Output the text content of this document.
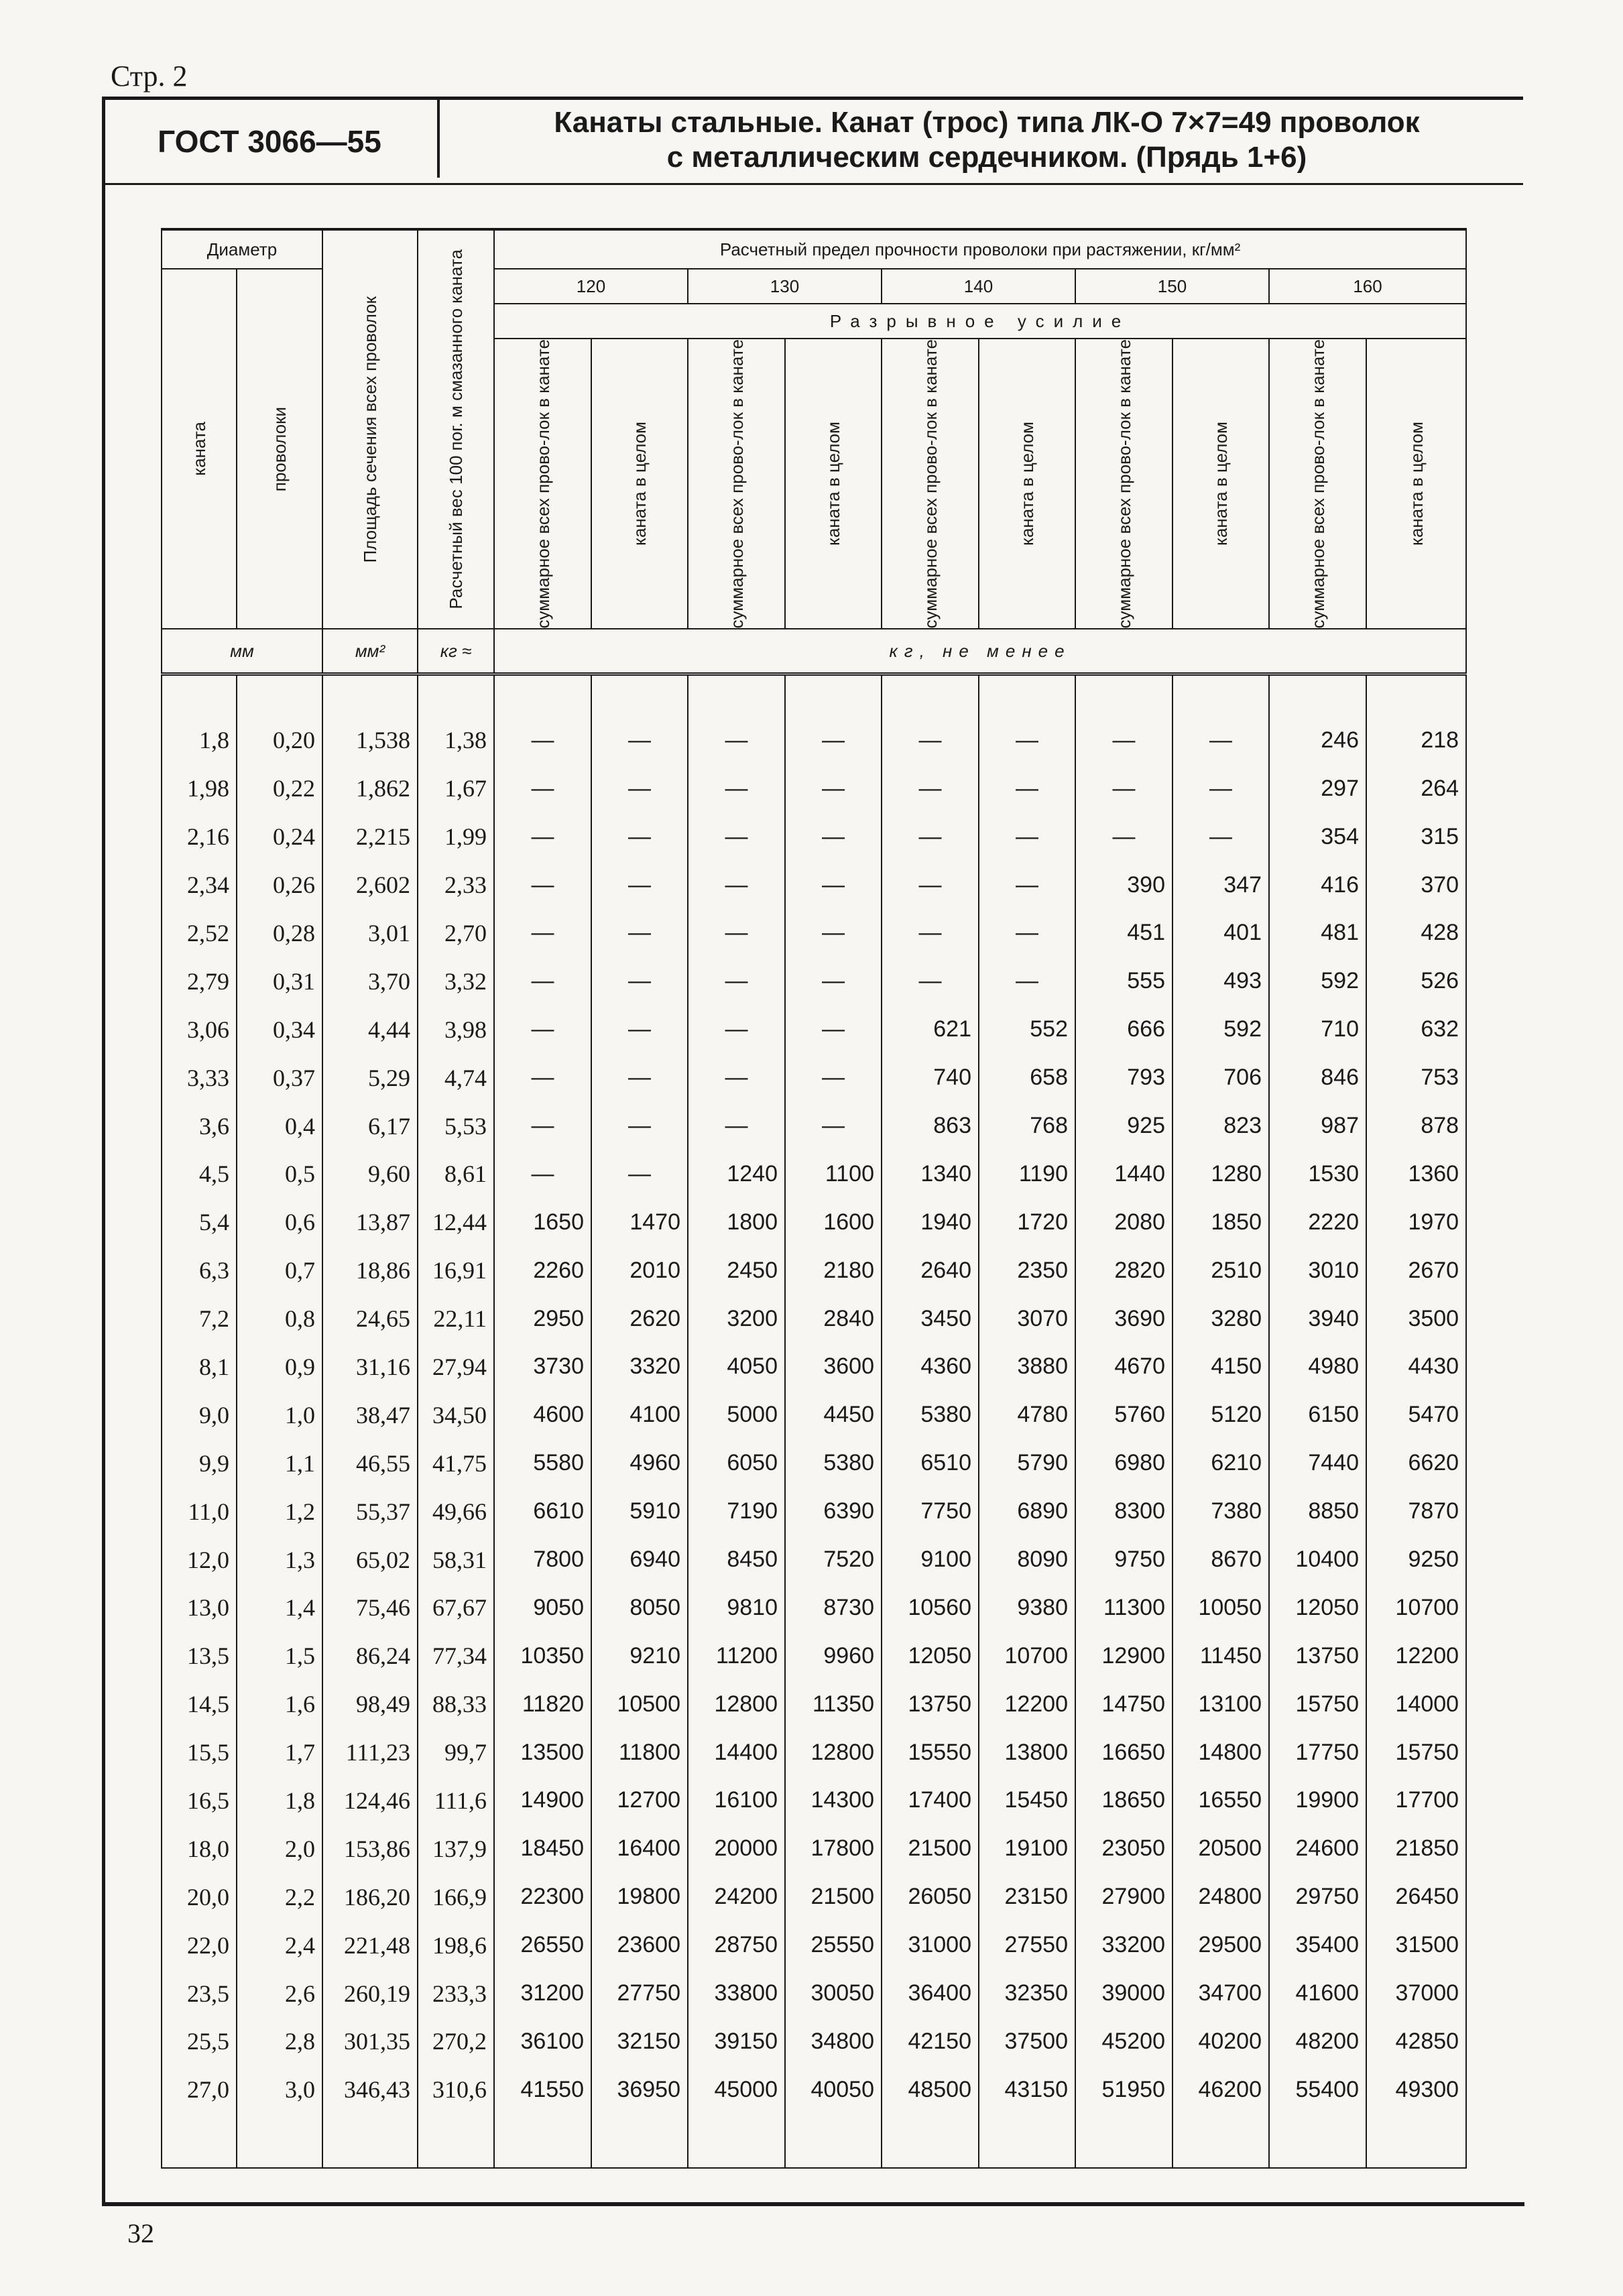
Стр. 2
ГОСТ 3066—55
Канаты стальные. Канат (трос) типа ЛК-О 7×7=49 проволок
с металлическим сердечником. (Прядь 1+6)
Диаметр		Площадь сечения всех проволок	Расчетный вес 100 пог. м смазанного каната	Расчетный предел прочности проволоки при растяжении, кг/мм²									

каната	проволоки			120		130		140		150		160	
				Разрывное усилие									

				суммарное всех прово-лок в канате	каната в целом	суммарное всех прово-лок в канате	каната в целом	суммарное всех прово-лок в канате	каната в целом	суммарное всех прово-лок в канате	каната в целом	суммарное всех прово-лок в канате	каната в целом

мм		мм²	кг ≈	кг, не менее									

1,8	0,20	1,538	1,38	—	—	—	—	—	—	—	—	246	218
1,98	0,22	1,862	1,67	—	—	—	—	—	—	—	—	297	264
2,16	0,24	2,215	1,99	—	—	—	—	—	—	—	—	354	315
2,34	0,26	2,602	2,33	—	—	—	—	—	—	390	347	416	370
2,52	0,28	3,01	2,70	—	—	—	—	—	—	451	401	481	428
2,79	0,31	3,70	3,32	—	—	—	—	—	—	555	493	592	526
3,06	0,34	4,44	3,98	—	—	—	—	621	552	666	592	710	632
3,33	0,37	5,29	4,74	—	—	—	—	740	658	793	706	846	753
3,6	0,4	6,17	5,53	—	—	—	—	863	768	925	823	987	878
4,5	0,5	9,60	8,61	—	—	1240	1100	1340	1190	1440	1280	1530	1360
5,4	0,6	13,87	12,44	1650	1470	1800	1600	1940	1720	2080	1850	2220	1970
6,3	0,7	18,86	16,91	2260	2010	2450	2180	2640	2350	2820	2510	3010	2670
7,2	0,8	24,65	22,11	2950	2620	3200	2840	3450	3070	3690	3280	3940	3500
8,1	0,9	31,16	27,94	3730	3320	4050	3600	4360	3880	4670	4150	4980	4430
9,0	1,0	38,47	34,50	4600	4100	5000	4450	5380	4780	5760	5120	6150	5470
9,9	1,1	46,55	41,75	5580	4960	6050	5380	6510	5790	6980	6210	7440	6620
11,0	1,2	55,37	49,66	6610	5910	7190	6390	7750	6890	8300	7380	8850	7870
12,0	1,3	65,02	58,31	7800	6940	8450	7520	9100	8090	9750	8670	10400	9250
13,0	1,4	75,46	67,67	9050	8050	9810	8730	10560	9380	11300	10050	12050	10700
13,5	1,5	86,24	77,34	10350	9210	11200	9960	12050	10700	12900	11450	13750	12200
14,5	1,6	98,49	88,33	11820	10500	12800	11350	13750	12200	14750	13100	15750	14000
15,5	1,7	111,23	99,7	13500	11800	14400	12800	15550	13800	16650	14800	17750	15750
16,5	1,8	124,46	111,6	14900	12700	16100	14300	17400	15450	18650	16550	19900	17700
18,0	2,0	153,86	137,9	18450	16400	20000	17800	21500	19100	23050	20500	24600	21850
20,0	2,2	186,20	166,9	22300	19800	24200	21500	26050	23150	27900	24800	29750	26450
22,0	2,4	221,48	198,6	26550	23600	28750	25550	31000	27550	33200	29500	35400	31500
23,5	2,6	260,19	233,3	31200	27750	33800	30050	36400	32350	39000	34700	41600	37000
25,5	2,8	301,35	270,2	36100	32150	39150	34800	42150	37500	45200	40200	48200	42850
27,0	3,0	346,43	310,6	41550	36950	45000	40050	48500	43150	51950	46200	55400	49300

32
